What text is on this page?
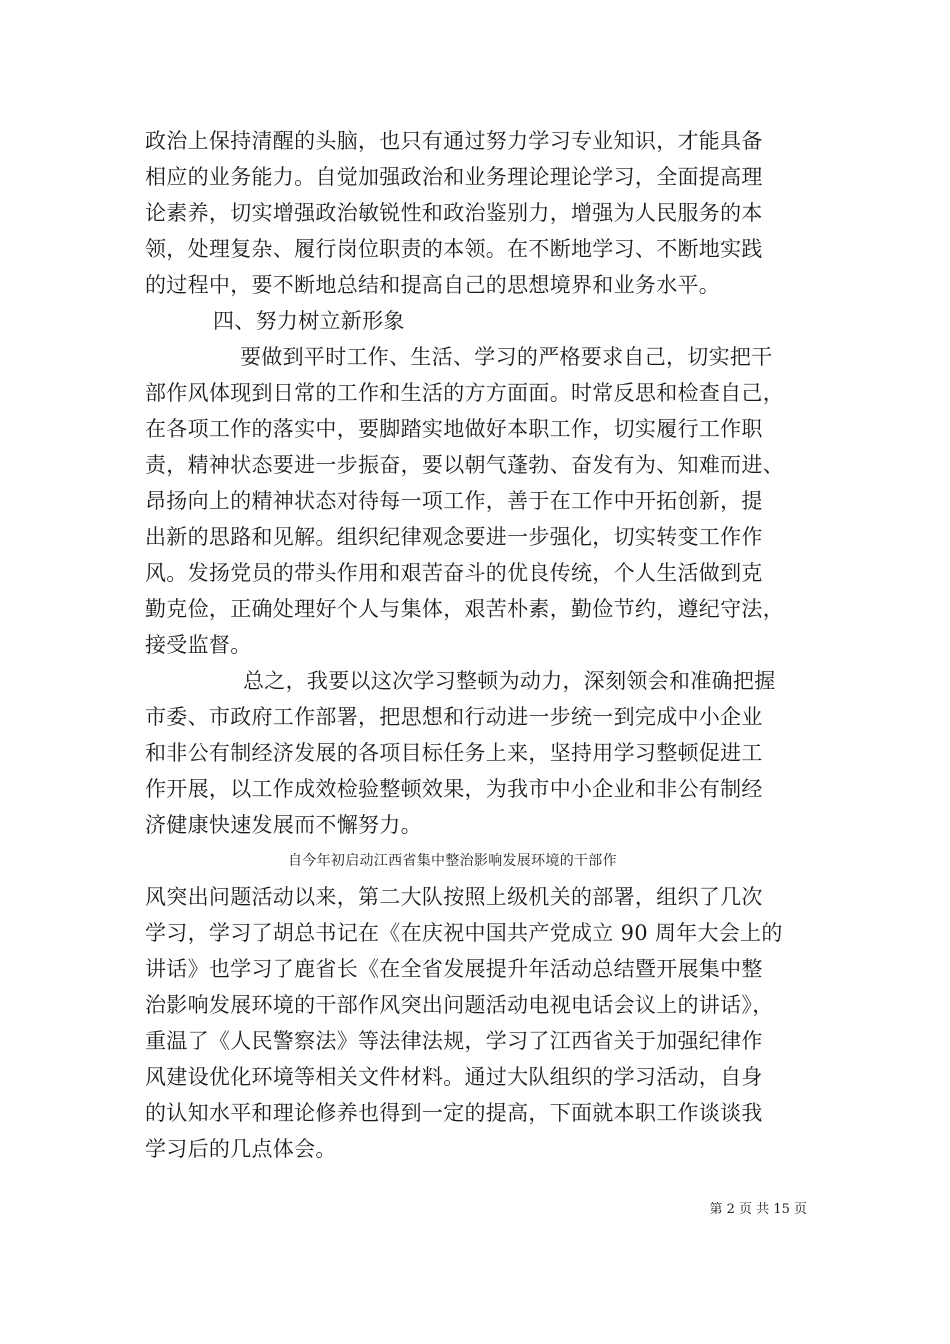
政治上保持清醒的头脑，也只有通过努力学习专业知识，才能具备
相应的业务能力。自觉加强政治和业务理论理论学习，全面提高理
论素养，切实增强政治敏锐性和政治鉴别力，增强为人民服务的本
领，处理复杂、履行岗位职责的本领。在不断地学习、不断地实践
的过程中，要不断地总结和提高自己的思想境界和业务水平。
四、努力树立新形象
要做到平时工作、生活、学习的严格要求自己，切实把干
部作风体现到日常的工作和生活的方方面面。时常反思和检查自己，
在各项工作的落实中，要脚踏实地做好本职工作，切实履行工作职
责，精神状态要进一步振奋，要以朝气蓬勃、奋发有为、知难而进、
昂扬向上的精神状态对待每一项工作，善于在工作中开拓创新，提
出新的思路和见解。组织纪律观念要进一步强化，切实转变工作作
风。发扬党员的带头作用和艰苦奋斗的优良传统，个人生活做到克
勤克俭，正确处理好个人与集体，艰苦朴素，勤俭节约，遵纪守法，
接受监督。
总之，我要以这次学习整顿为动力，深刻领会和准确把握
市委、市政府工作部署，把思想和行动进一步统一到完成中小企业
和非公有制经济发展的各项目标任务上来，坚持用学习整顿促进工
作开展，以工作成效检验整顿效果，为我市中小企业和非公有制经
济健康快速发展而不懈努力。
自今年初启动江西省集中整治影响发展环境的干部作
风突出问题活动以来，第二大队按照上级机关的部署，组织了几次
学习，学习了胡总书记在《在庆祝中国共产党成立 90 周年大会上的
讲话》也学习了鹿省长《在全省发展提升年活动总结暨开展集中整
治影响发展环境的干部作风突出问题活动电视电话会议上的讲话》，
重温了《人民警察法》等法律法规，学习了江西省关于加强纪律作
风建设优化环境等相关文件材料。通过大队组织的学习活动，自身
的认知水平和理论修养也得到一定的提高，下面就本职工作谈谈我
学习后的几点体会。
第 2 页 共 15 页
